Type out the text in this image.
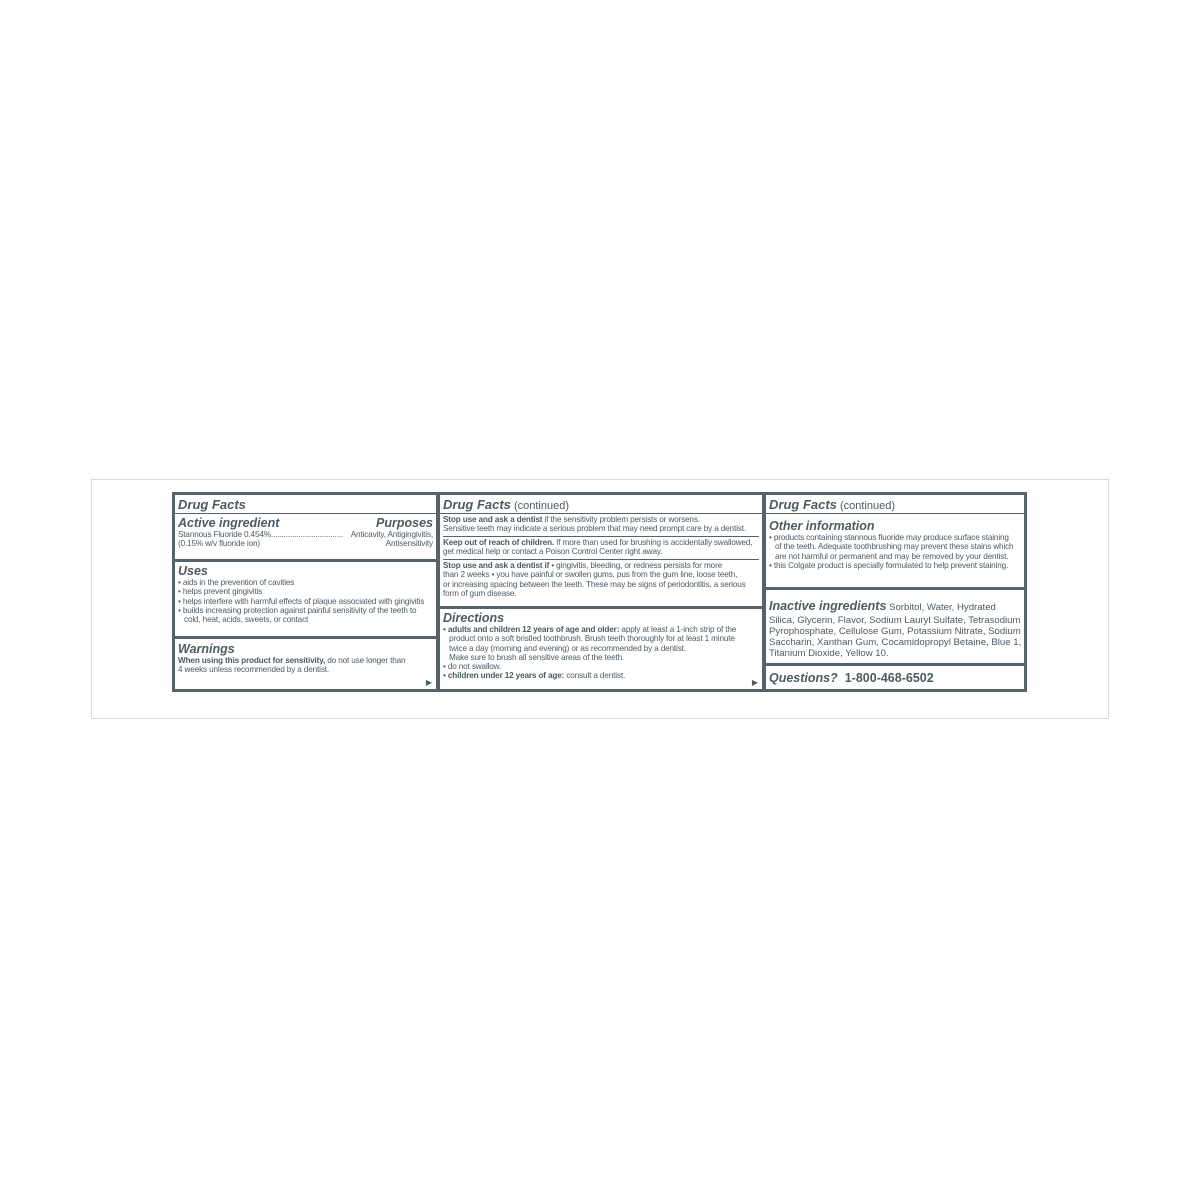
Drug Facts
Active ingredient	Purposes
Stannous Fluoride 0.454%.................................. Anticavity, Antigingivitis,
(0.15% w/v fluoride ion)	Antisensitivity
Uses
• aids in the prevention of cavities
• helps prevent gingivitis
• helps interfere with harmful effects of plaque associated with gingivitis
• builds increasing protection against painful sensitivity of the teeth to
cold, heat, acids, sweets, or contact
Warnings
When using this product for sensitivity, do not use longer than
4 weeks unless recommended by a dentist.
▶
Drug Facts (continued)
Stop use and ask a dentist if the sensitivity problem persists or worsens.
Sensitive teeth may indicate a serious problem that may need prompt care by a dentist.
Keep out of reach of children. If more than used for brushing is accidentally swallowed,
get medical help or contact a Poison Control Center right away.
Stop use and ask a dentist if • gingivitis, bleeding, or redness persists for more
than 2 weeks • you have painful or swollen gums, pus from the gum line, loose teeth,
or increasing spacing between the teeth. These may be signs of periodontitis, a serious
form of gum disease.
Directions
• adults and children 12 years of age and older: apply at least a 1-inch strip of the
product onto a soft bristled toothbrush. Brush teeth thoroughly for at least 1 minute
twice a day (morning and evening) or as recommended by a dentist.
Make sure to brush all sensitive areas of the teeth.
• do not swallow.
• children under 12 years of age: consult a dentist.
▶
Drug Facts (continued)
Other information
• products containing stannous fluoride may produce surface staining
of the teeth. Adequate toothbrushing may prevent these stains which
are not harmful or permanent and may be removed by your dentist.
• this Colgate product is specially formulated to help prevent staining.
Inactive ingredients Sorbitol, Water, Hydrated
Silica, Glycerin, Flavor, Sodium Lauryl Sulfate, Tetrasodium
Pyrophosphate, Cellulose Gum, Potassium Nitrate, Sodium
Saccharin, Xanthan Gum, Cocamidopropyl Betaine, Blue 1,
Titanium Dioxide, Yellow 10.
Questions? 1-800-468-6502
